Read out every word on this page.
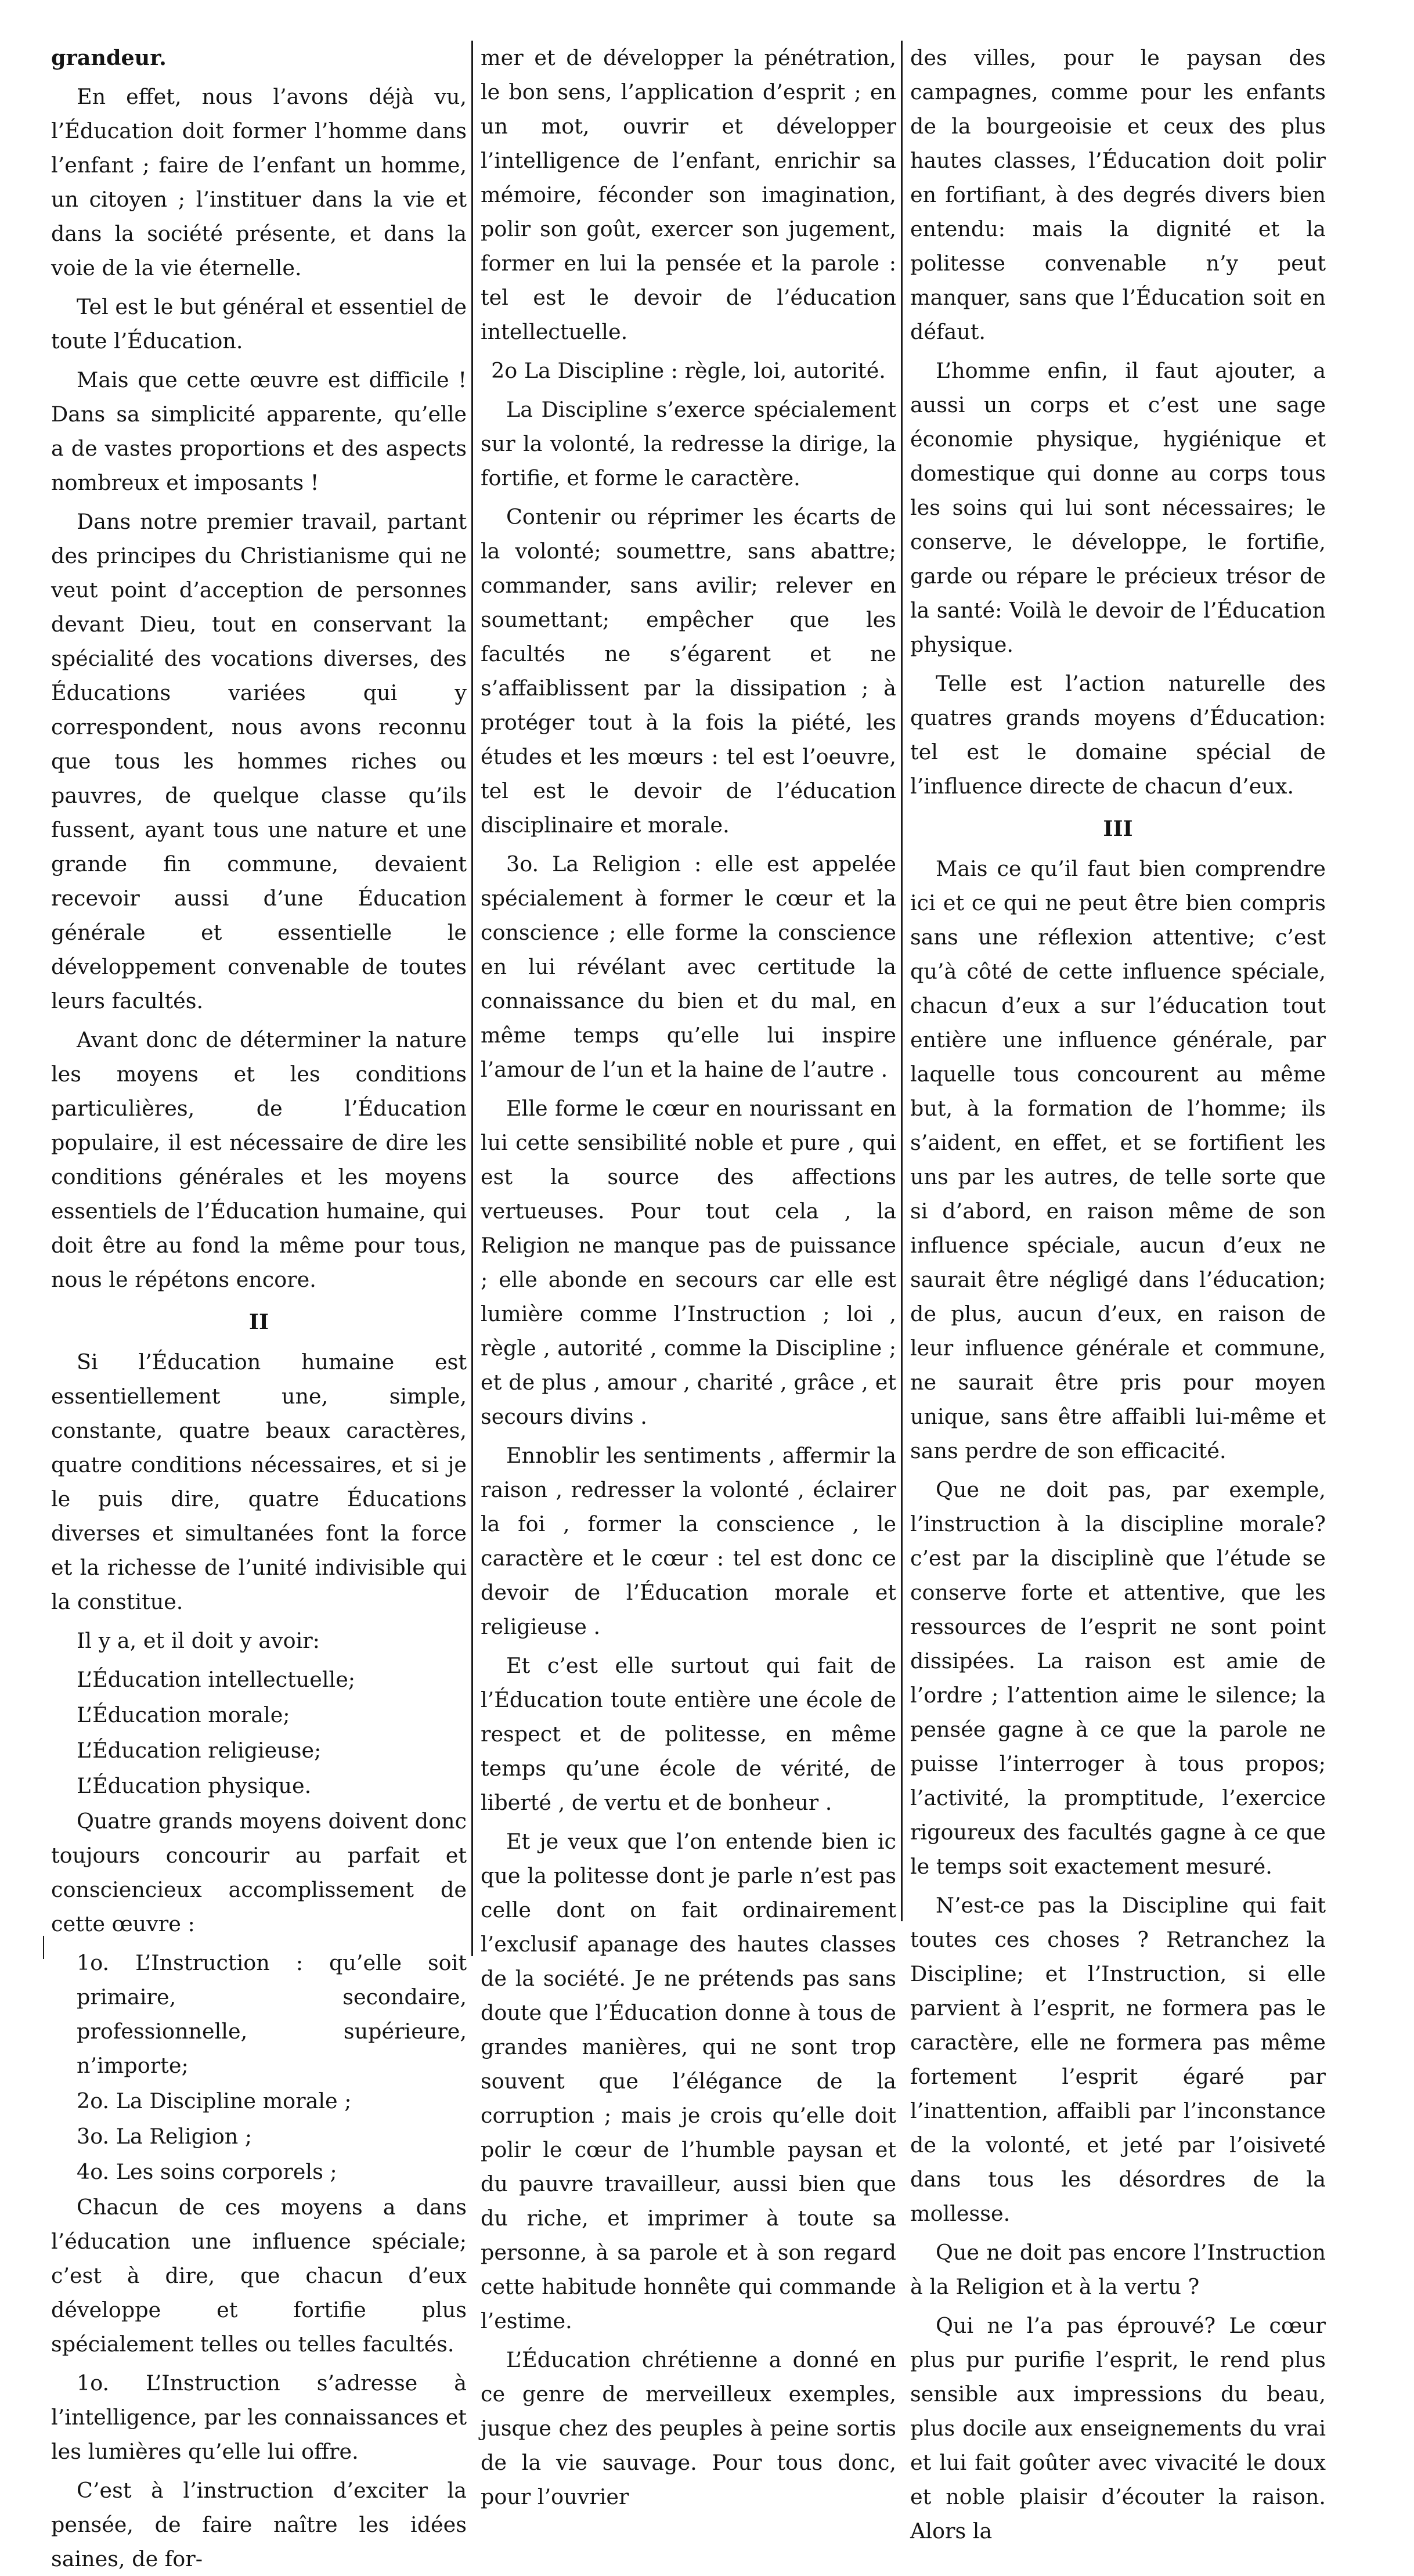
grandeur.

En effet, nous l’avons déjà vu, l’Éducation doit former l’homme dans l’enfant ; faire de l’enfant un homme, un citoyen ; l’instituer dans la vie et dans la société présente, et dans la voie de la vie éternelle.

Tel est le but général et essentiel de toute l’Éducation.

Mais que cette œuvre est difficile ! Dans sa simplicité apparente, qu’elle a de vastes proportions et des aspects nombreux et imposants !

Dans notre premier travail, partant des principes du Christianisme qui ne veut point d’acception de personnes devant Dieu, tout en conservant la spécialité des vocations diverses, des Éducations variées qui y correspondent, nous avons reconnu que tous les hommes riches ou pauvres, de quelque classe qu’ils fussent, ayant tous une nature et une grande fin commune, devaient recevoir aussi d’une Éducation générale et essentielle le développement convenable de toutes leurs facultés.

Avant donc de déterminer la nature les moyens et les conditions particulières, de l’Éducation populaire, il est nécessaire de dire les conditions générales et les moyens essentiels de l’Éducation humaine, qui doit être au fond la même pour tous, nous le répétons encore.

II

Si l’Éducation humaine est essentiellement une, simple, constante, quatre beaux caractères, quatre conditions nécessaires, et si je le puis dire, quatre Éducations diverses et simultanées font la force et la richesse de l’unité indivisible qui la constitue.

Il y a, et il doit y avoir:

L’Éducation intellectuelle;

L’Éducation morale;

L’Éducation religieuse;

L’Éducation physique.

Quatre grands moyens doivent donc toujours concourir au parfait et consciencieux accomplissement de cette œuvre :

1o. L’Instruction : qu’elle soit primaire, secondaire, professionnelle, supérieure, n’importe;

2o. La Discipline morale ;

3o. La Religion ;

4o. Les soins corporels ;

Chacun de ces moyens a dans l’éducation une influence spéciale; c’est à dire, que chacun d’eux développe et fortifie plus spécialement telles ou telles facultés.

1o. L’Instruction s’adresse à l’intelligence, par les connaissances et les lumières qu’elle lui offre.

C’est à l’instruction d’exciter la pensée, de faire naître les idées saines, de for-

mer et de développer la pénétration, le bon sens, l’application d’esprit ; en un mot, ouvrir et développer l’intelligence de l’enfant, enrichir sa mémoire, féconder son imagination, polir son goût, exercer son jugement, former en lui la pensée et la parole : tel est le devoir de l’éducation intellectuelle.

2o La Discipline : règle, loi, autorité.

La Discipline s’exerce spécialement sur la volonté, la redresse la dirige, la fortifie, et forme le caractère.

Contenir ou réprimer les écarts de la volonté; soumettre, sans abattre; commander, sans avilir; relever en soumettant; empêcher que les facultés ne s’égarent et ne s’affaiblissent par la dissipation ; à protéger tout à la fois la piété, les études et les mœurs : tel est l’oeuvre, tel est le devoir de l’éducation disciplinaire et morale.

3o. La Religion : elle est appelée spécialement à former le cœur et la conscience ; elle forme la conscience en lui révélant avec certitude la connaissance du bien et du mal, en même temps qu’elle lui inspire l’amour de l’un et la haine de l’autre .

Elle forme le cœur en nourissant en lui cette sensibilité noble et pure , qui est la source des affections vertueuses. Pour tout cela , la Religion ne manque pas de puissance ; elle abonde en secours car elle est lumière comme l’Instruction ; loi , règle , autorité , comme la Discipline ; et de plus , amour , charité , grâce , et secours divins .

Ennoblir les sentiments , affermir la raison , redresser la volonté , éclairer la foi , former la conscience , le caractère et le cœur : tel est donc ce devoir de l’Éducation morale et religieuse .

Et c’est elle surtout qui fait de l’Éducation toute entière une école de respect et de politesse, en même temps qu’une école de vérité, de liberté , de vertu et de bonheur .

Et je veux que l’on entende bien ic que la politesse dont je parle n’est pas celle dont on fait ordinairement l’exclusif apanage des hautes classes de la société. Je ne prétends pas sans doute que l’Éducation donne à tous de grandes manières, qui ne sont trop souvent que l’élégance de la corruption ; mais je crois qu’elle doit polir le cœur de l’humble paysan et du pauvre travailleur, aussi bien que du riche, et imprimer à toute sa personne, à sa parole et à son regard cette habitude honnête qui commande l’estime.

L’Éducation chrétienne a donné en ce genre de merveilleux exemples, jusque chez des peuples à peine sortis de la vie sauvage. Pour tous donc, pour l’ouvrier

des villes, pour le paysan des campagnes, comme pour les enfants de la bourgeoisie et ceux des plus hautes classes, l’Éducation doit polir en fortifiant, à des degrés divers bien entendu: mais la dignité et la politesse convenable n’y peut manquer, sans que l’Éducation soit en défaut.

L’homme enfin, il faut ajouter, a aussi un corps et c’est une sage économie physique, hygiénique et domestique qui donne au corps tous les soins qui lui sont nécessaires; le conserve, le développe, le fortifie, garde ou répare le précieux trésor de la santé: Voilà le devoir de l’Éducation physique.

Telle est l’action naturelle des quatres grands moyens d’Éducation: tel est le domaine spécial de l’influence directe de chacun d’eux.

III

Mais ce qu’il faut bien comprendre ici et ce qui ne peut être bien compris sans une réflexion attentive; c’est qu’à côté de cette influence spéciale, chacun d’eux a sur l’éducation tout entière une influence générale, par laquelle tous concourent au même but, à la formation de l’homme; ils s’aident, en effet, et se fortifient les uns par les autres, de telle sorte que si d’abord, en raison même de son influence spéciale, aucun d’eux ne saurait être négligé dans l’éducation; de plus, aucun d’eux, en raison de leur influence générale et commune, ne saurait être pris pour moyen unique, sans être affaibli lui-même et sans perdre de son efficacité.

Que ne doit pas, par exemple, l’instruction à la discipline morale? c’est par la disciplinè que l’étude se conserve forte et attentive, que les ressources de l’esprit ne sont point dissipées. La raison est amie de l’ordre ; l’attention aime le silence; la pensée gagne à ce que la parole ne puisse l’interroger à tous propos; l’activité, la promptitude, l’exercice rigoureux des facultés gagne à ce que le temps soit exactement mesuré.

N’est-ce pas la Discipline qui fait toutes ces choses ? Retranchez la Discipline; et l’Instruction, si elle parvient à l’esprit, ne formera pas le caractère, elle ne formera pas même fortement l’esprit égaré par l’inattention, affaibli par l’inconstance de la volonté, et jeté par l’oisiveté dans tous les désordres de la mollesse.

Que ne doit pas encore l’Instruction à la Religion et à la vertu ?

Qui ne l’a pas éprouvé? Le cœur plus pur purifie l’esprit, le rend plus sensible aux impressions du beau, plus docile aux enseignements du vrai et lui fait goûter avec vivacité le doux et noble plaisir d’écouter la raison. Alors la
